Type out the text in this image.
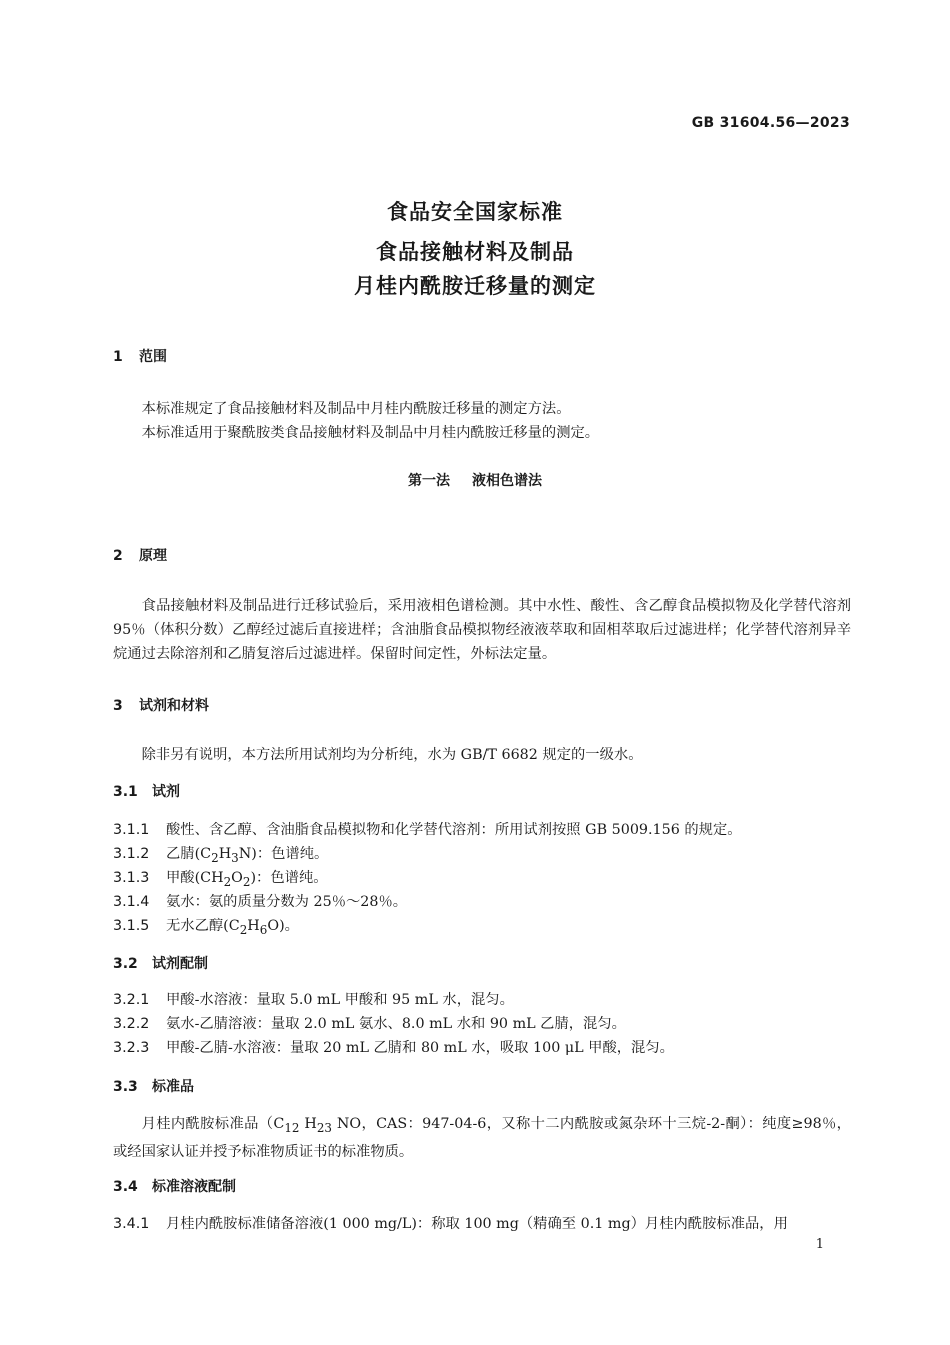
GB 31604.56—2023
食品安全国家标准
食品接触材料及制品
月桂内酰胺迁移量的测定
1 范围
本标准规定了食品接触材料及制品中月桂内酰胺迁移量的测定方法。
本标准适用于聚酰胺类食品接触材料及制品中月桂内酰胺迁移量的测定。
第一法 液相色谱法
2 原理
食品接触材料及制品进行迁移试验后，采用液相色谱检测。其中水性、酸性、含乙醇食品模拟物及化学替代溶剂 95％（体积分数）乙醇经过滤后直接进样；含油脂食品模拟物经液液萃取和固相萃取后过滤进样；化学替代溶剂异辛烷通过去除溶剂和乙腈复溶后过滤进样。保留时间定性，外标法定量。
3 试剂和材料
除非另有说明，本方法所用试剂均为分析纯，水为 GB/T 6682 规定的一级水。
3.1 试剂
3.1.1 酸性、含乙醇、含油脂食品模拟物和化学替代溶剂：所用试剂按照 GB 5009.156 的规定。
3.1.2 乙腈$(C_2H_3N)$：色谱纯。
3.1.3 甲酸$(CH_2O_2)$：色谱纯。
3.1.4 氨水：氨的质量分数为 25％～28％。
3.1.5 无水乙醇$(C_2H_6O)$。
3.2 试剂配制
3.2.1 甲酸-水溶液：量取 5.0 mL 甲酸和 95 mL 水，混匀。
3.2.2 氨水-乙腈溶液：量取 2.0 mL 氨水、8.0 mL 水和 90 mL 乙腈，混匀。
3.2.3 甲酸-乙腈-水溶液：量取 20 mL 乙腈和 80 mL 水，吸取 100 μL 甲酸，混匀。
3.3 标准品
月桂内酰胺标准品（$C_{12}$ $H_{23}$ NO，CAS：947-04-6，又称十二内酰胺或氮杂环十三烷-2-酮）：纯度≥98％，或经国家认证并授予标准物质证书的标准物质。
3.4 标准溶液配制
3.4.1 月桂内酰胺标准储备溶液(1 000 mg/L)：称取 100 mg（精确至 0.1 mg）月桂内酰胺标准品，用
1
